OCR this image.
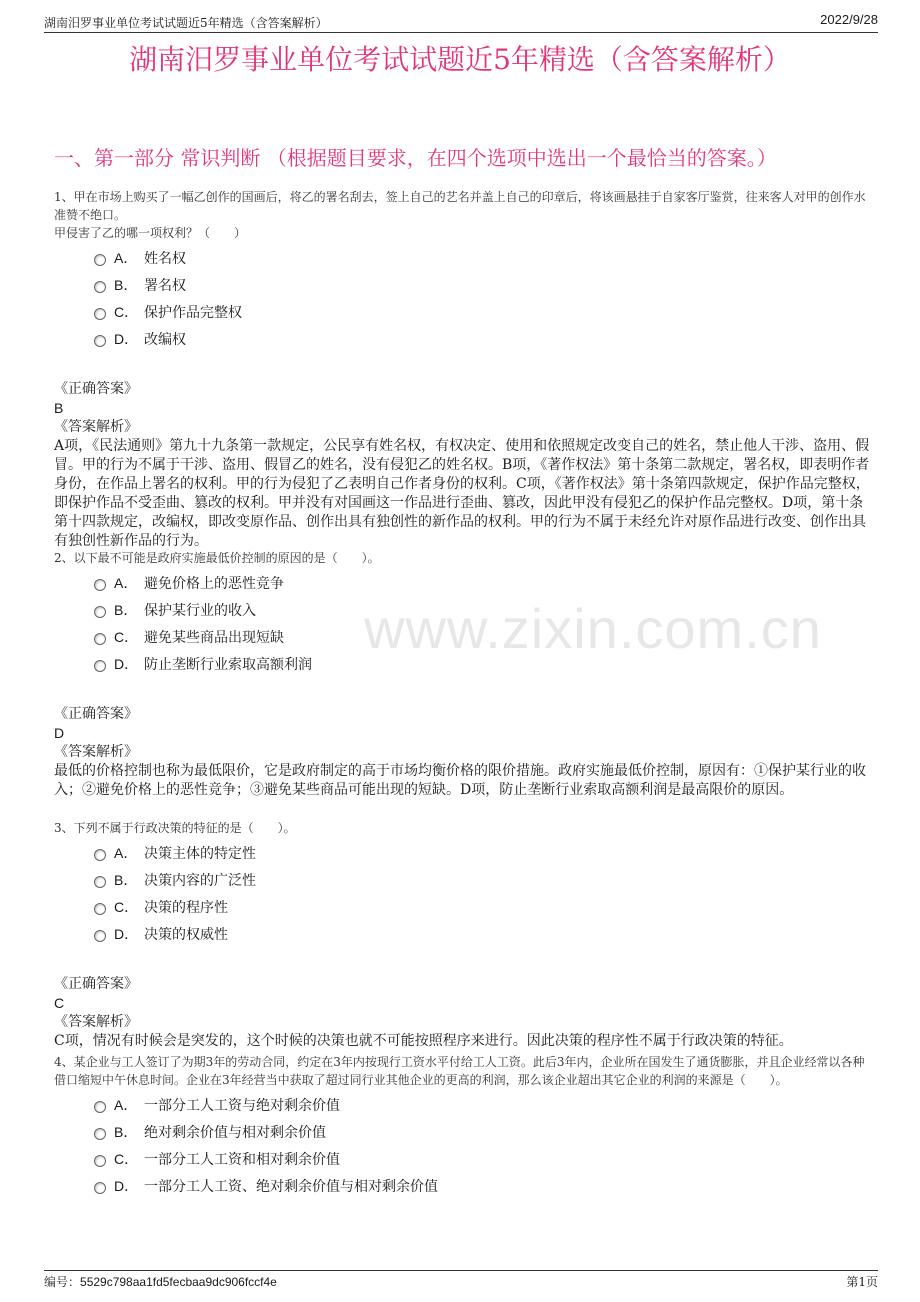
湖南汨罗事业单位考试试题近5年精选（含答案解析）	2022/9/28
湖南汨罗事业单位考试试题近5年精选（含答案解析）
一、第一部分 常识判断 （根据题目要求，在四个选项中选出一个最恰当的答案。）
www.zixin.com.cn
1、甲在市场上购买了一幅乙创作的国画后，将乙的署名刮去，签上自己的艺名并盖上自己的印章后，将该画悬挂于自家客厅鉴赏，往来客人对甲的创作水准赞不绝口。
甲侵害了乙的哪一项权利？（　　）
A． 姓名权
B． 署名权
C． 保护作品完整权
D． 改编权
《正确答案》
B
《答案解析》
A项，《民法通则》第九十九条第一款规定，公民享有姓名权，有权决定、使用和依照规定改变自己的姓名，禁止他人干涉、盗用、假冒。甲的行为不属于干涉、盗用、假冒乙的姓名，没有侵犯乙的姓名权。B项，《著作权法》第十条第二款规定，署名权，即表明作者身份，在作品上署名的权利。甲的行为侵犯了乙表明自己作者身份的权利。C项，《著作权法》第十条第四款规定，保护作品完整权，即保护作品不受歪曲、篡改的权利。甲并没有对国画这一作品进行歪曲、篡改，因此甲没有侵犯乙的保护作品完整权。D项，第十条第十四款规定，改编权，即改变原作品、创作出具有独创性的新作品的权利。甲的行为不属于未经允许对原作品进行改变、创作出具有独创性新作品的行为。
2、以下最不可能是政府实施最低价控制的原因的是（　　）。
A． 避免价格上的恶性竞争
B． 保护某行业的收入
C． 避免某些商品出现短缺
D． 防止垄断行业索取高额利润
《正确答案》
D
《答案解析》
最低的价格控制也称为最低限价，它是政府制定的高于市场均衡价格的限价措施。政府实施最低价控制，原因有：①保护某行业的收入；②避免价格上的恶性竞争；③避免某些商品可能出现的短缺。D项，防止垄断行业索取高额利润是最高限价的原因。
3、下列不属于行政决策的特征的是（　　）。
A． 决策主体的特定性
B． 决策内容的广泛性
C． 决策的程序性
D． 决策的权威性
《正确答案》
C
《答案解析》
C项，情况有时候会是突发的，这个时候的决策也就不可能按照程序来进行。因此决策的程序性不属于行政决策的特征。
4、某企业与工人签订了为期3年的劳动合同，约定在3年内按现行工资水平付给工人工资。此后3年内，企业所在国发生了通货膨胀，并且企业经常以各种借口缩短中午休息时间。企业在3年经营当中获取了超过同行业其他企业的更高的利润，那么该企业超出其它企业的利润的来源是（　　）。
A． 一部分工人工资与绝对剩余价值
B． 绝对剩余价值与相对剩余价值
C． 一部分工人工资和相对剩余价值
D． 一部分工人工资、绝对剩余价值与相对剩余价值
编号：5529c798aa1fd5fecbaa9dc906fccf4e	第1页
